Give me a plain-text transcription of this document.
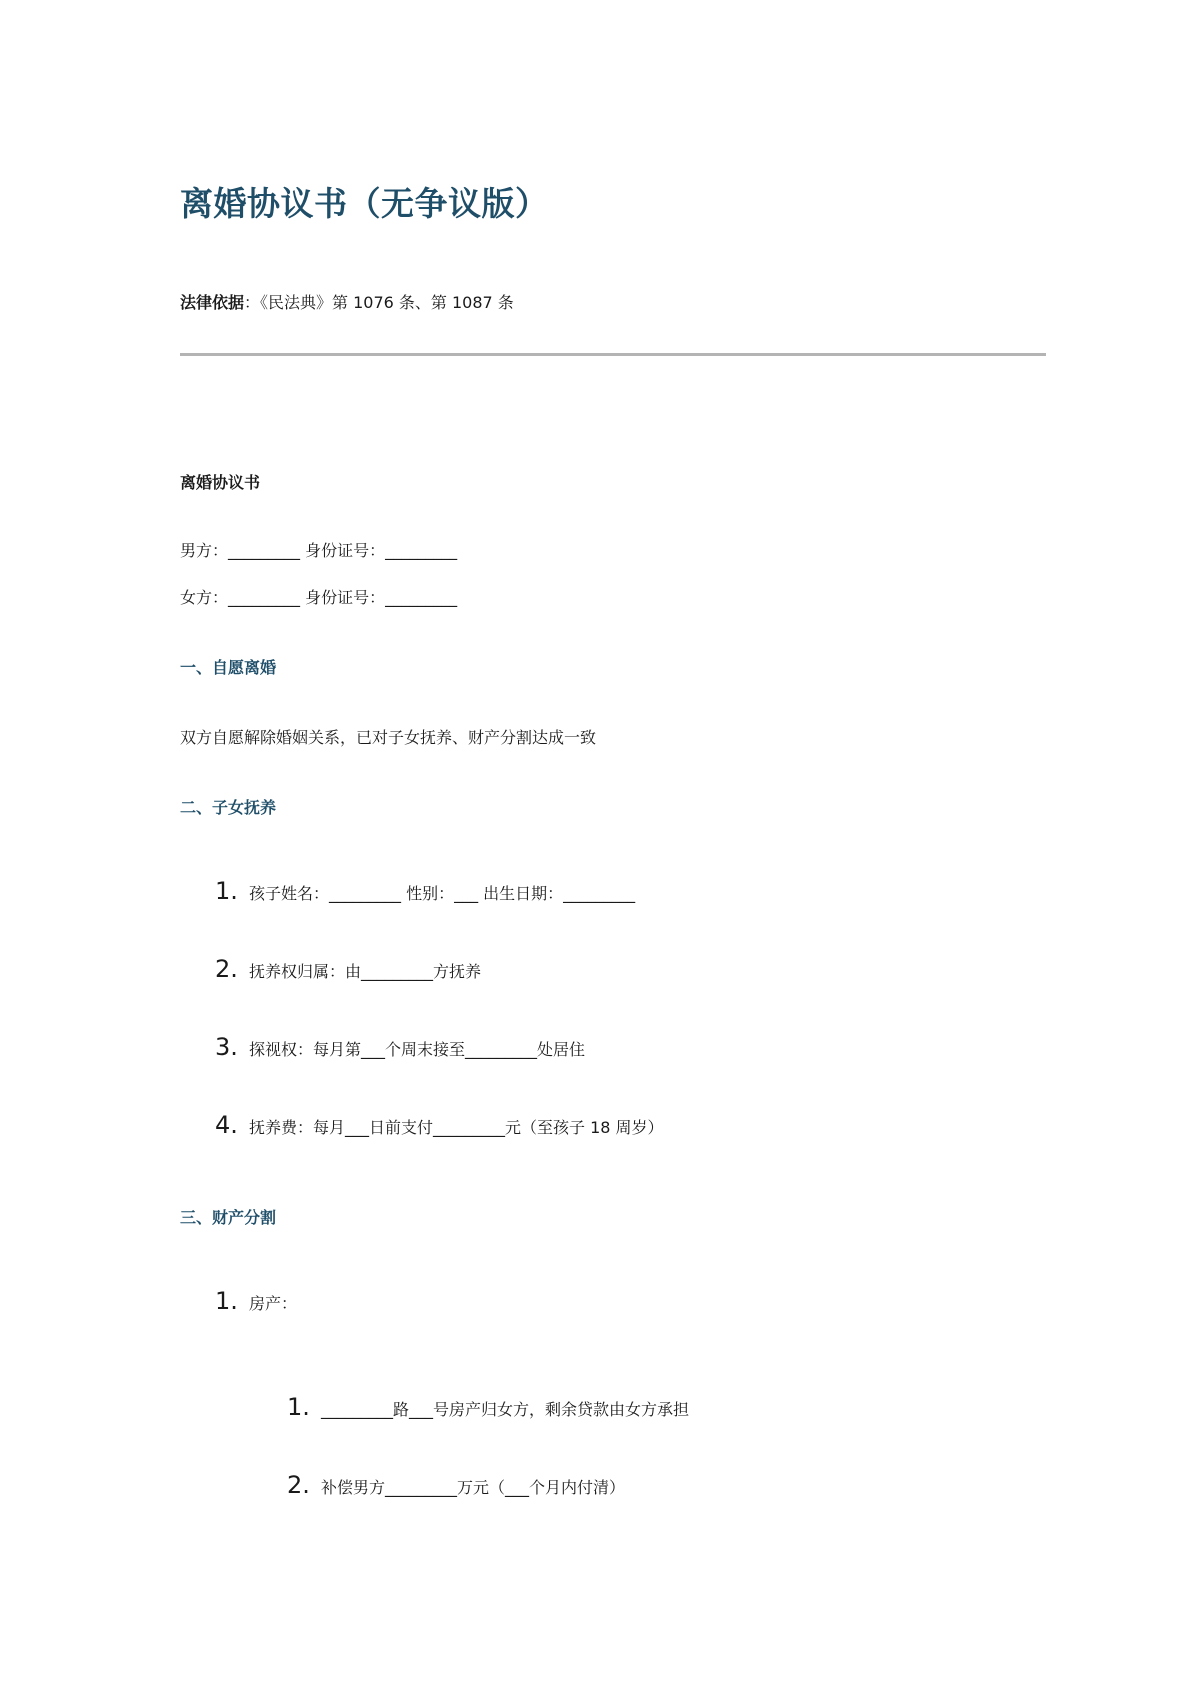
离婚协议书（无争议版）
法律依据：《民法典》第 1076 条、第 1087 条
离婚协议书
男方：_________ 身份证号：_________
女方：_________ 身份证号：_________
一、自愿离婚
双方自愿解除婚姻关系，已对子女抚养、财产分割达成一致
二、子女抚养
1. 孩子姓名：_________ 性别：___ 出生日期：_________
2. 抚养权归属：由_________方抚养
3. 探视权：每月第___个周末接至_________处居住
4. 抚养费：每月___日前支付_________元（至孩子 18 周岁）
三、财产分割
1. 房产：
1. _________路___号房产归女方，剩余贷款由女方承担
2. 补偿男方_________万元（___个月内付清）
